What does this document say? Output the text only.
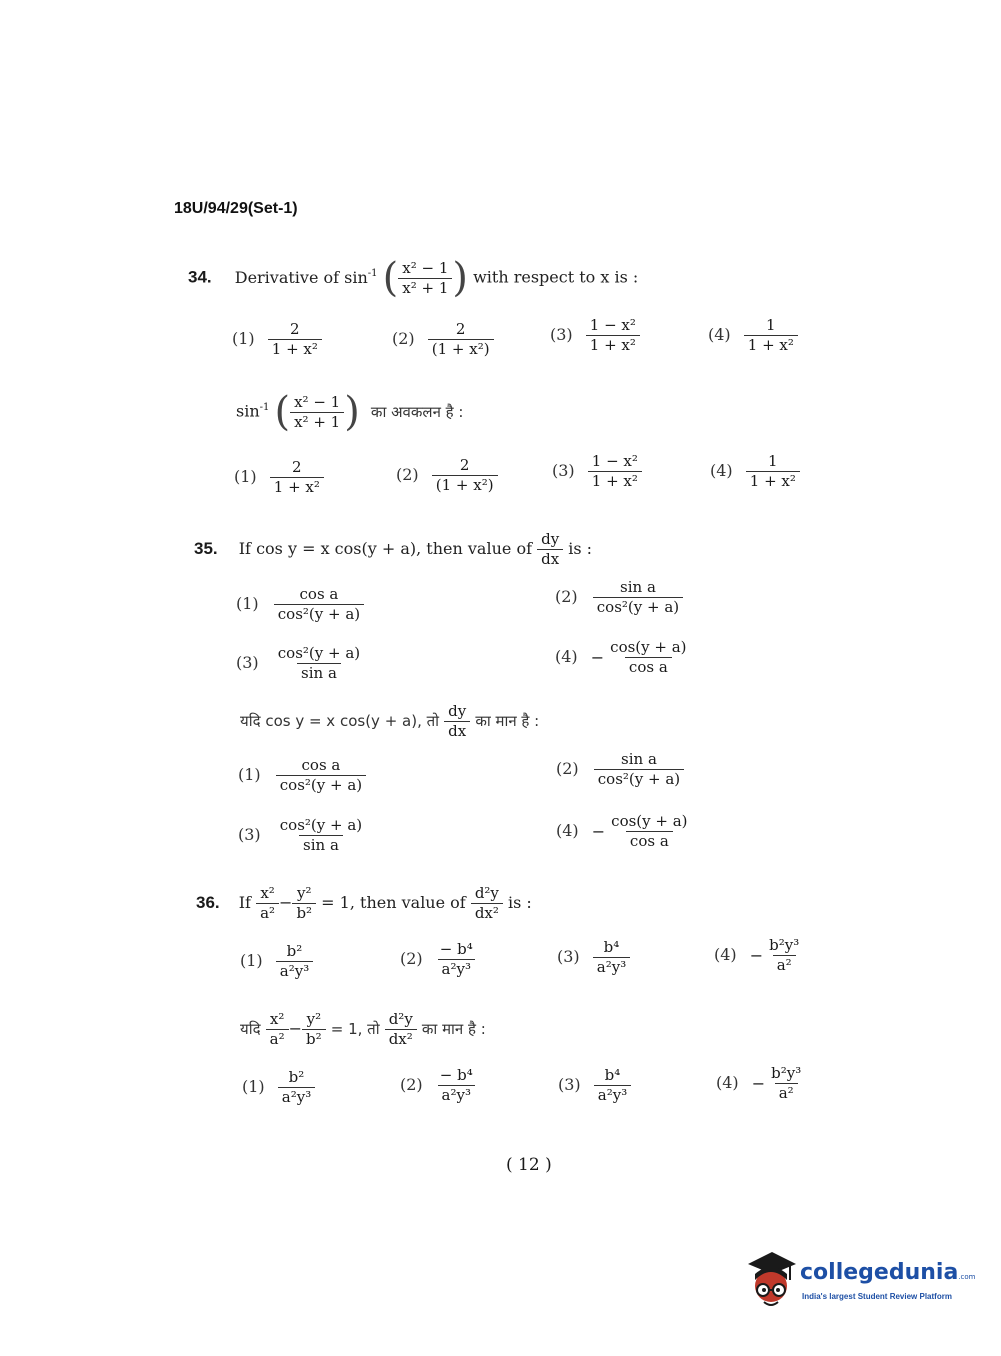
18U/94/29(Set-1)
34. Derivative of $\sin^{-1}$ ( $\frac{\text{x² − 1}}{\text{x² + 1}}$ ) with respect to x is :
$(1) \frac{2}{\text{1 + x²}}$	$(2) \frac{2}{\text{(1 + x²)}}$	$(3) \frac{\text{1 − x²}}{\text{1 + x²}}$	$(4) \frac{1}{\text{1 + x²}}$
$\sin^{-1}$ ( $\frac{\text{x² − 1}}{\text{x² + 1}}$ ) का अवकलन है :
$(1) \frac{2}{\text{1 + x²}}$	$(2) \frac{2}{\text{(1 + x²)}}$	$(3) \frac{\text{1 − x²}}{\text{1 + x²}}$	$(4) \frac{1}{\text{1 + x²}}$
35. If cos y = x cos(y + a), then value of $\frac{dy}{dx}$ is :
$(1) \frac{\text{cos a}}{\text{cos²(y + a)}}$	$(2) \frac{\text{sin a}}{\text{cos²(y + a)}}$
$(3) \frac{\text{cos²(y + a)}}{\text{sin a}}$	$(4) - \frac{\cos(y + a)}{\text{cos a}}$
यदि cos y = x cos(y + a), तो $\frac{dy}{dx}$ का मान है :
$(1) \frac{\text{cos a}}{\text{cos²(y + a)}}$	$(2) \frac{\text{sin a}}{\text{cos²(y + a)}}$
$(3) \frac{\text{cos²(y + a)}}{\text{sin a}}$	$(4) - \frac{\cos(y + a)}{\text{cos a}}$
36. If $\frac{\text{x²}}{\text{a²}} - \frac{\text{y²}}{\text{b²}} = 1$, then value of $\frac{\text{d²y}}{\text{dx²}}$ is :
$(1) \frac{\text{b²}}{\text{a²y³}}$	$(2) \frac{\text{− b⁴}}{\text{a²y³}}$	$(3) \frac{\text{b⁴}}{\text{a²y³}}$	$(4) - \frac{\text{b²y³}}{\text{a²}}$
यदि $\frac{\text{x²}}{\text{a²}} - \frac{\text{y²}}{\text{b²}} = 1$, तो $\frac{\text{d²y}}{\text{dx²}}$ का मान है :
$(1) \frac{\text{b²}}{\text{a²y³}}$	$(2) \frac{\text{− b⁴}}{\text{a²y³}}$	$(3) \frac{\text{b⁴}}{\text{a²y³}}$	$(4) - \frac{\text{b²y³}}{\text{a²}}$
( 12 )
collegedunia.com
India's largest Student Review Platform
